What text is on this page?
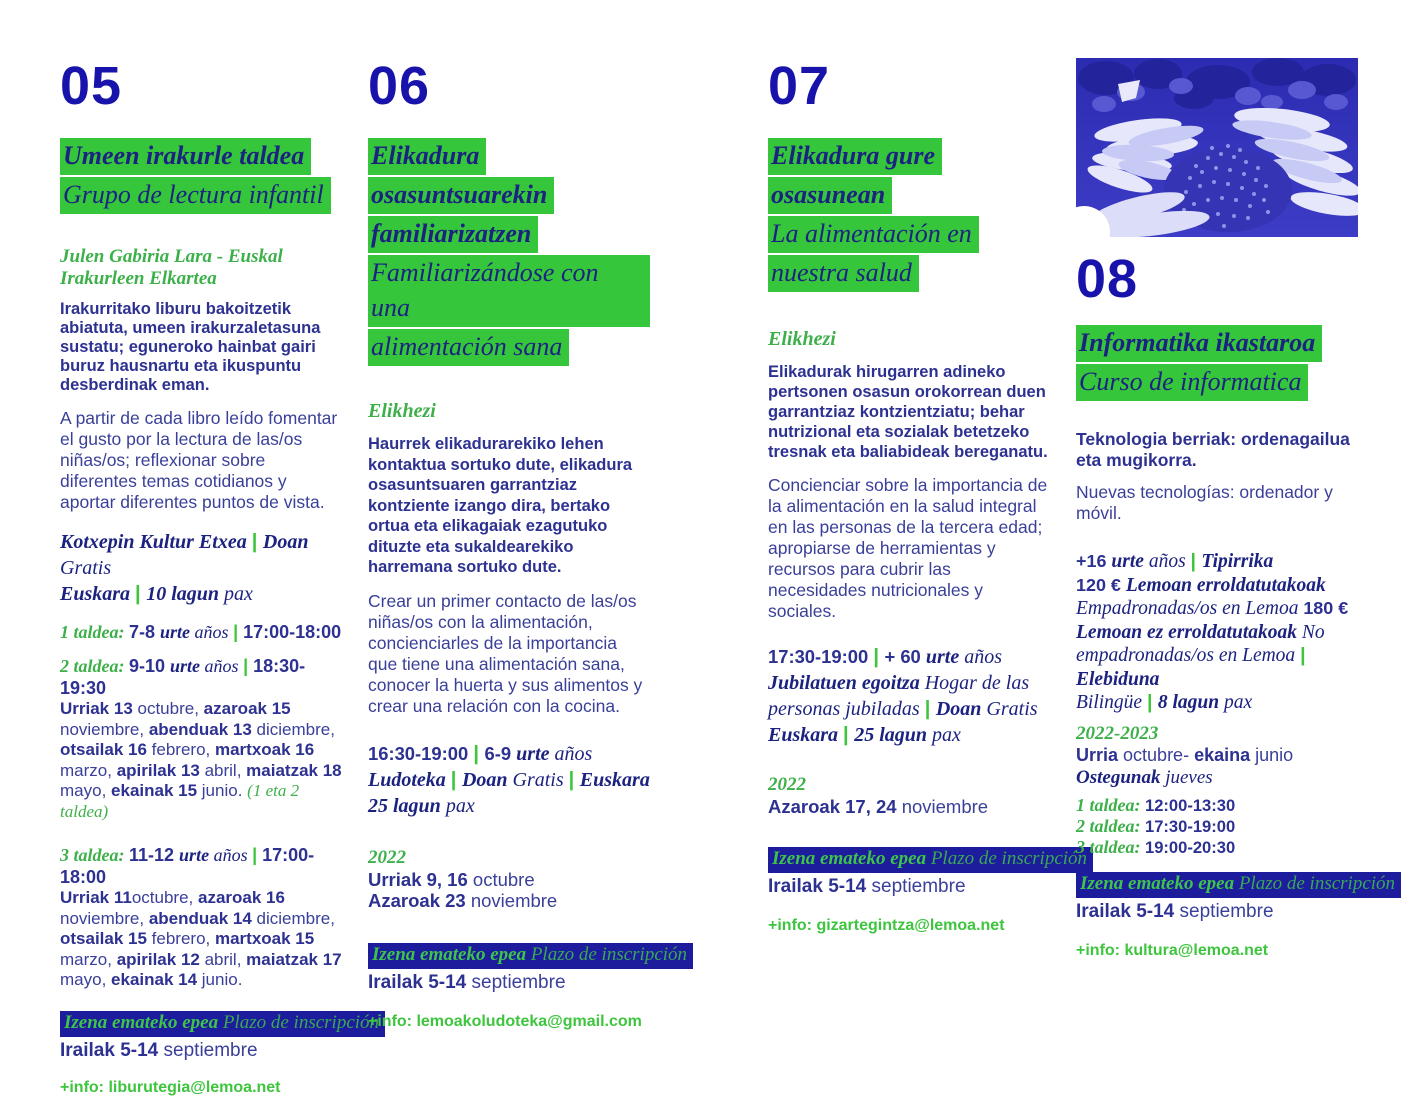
05
Umeen irakurle taldea
Grupo de lectura infantil
Julen Gabiria Lara - Euskal Irakurleen Elkartea

Irakurritako liburu bakoitzetik abiatuta, umeen irakurzaletasuna sustatu; eguneroko hainbat gairi buruz hausnartu eta ikuspuntu desberdinak eman.

A partir de cada libro leído fomentar el gusto por la lectura de las/os niñas/os; reflexionar sobre diferentes temas cotidianos y aportar diferentes puntos de vista.

Kotxepin Kultur Etxea | Doan Gratis
Euskara | 10 lagun pax
1 taldea: 7-8 urte años | 17:00-18:00
2 taldea: 9-10 urte años | 18:30-19:30
Urriak 13 octubre, azaroak 15 noviembre, abenduak 13 diciembre, otsailak 16 febrero, martxoak 16 marzo, apirilak 13 abril, maiatzak 18 mayo, ekainak 15 junio. (1 eta 2 taldea)
3 taldea: 11-12 urte años | 17:00-18:00
Urriak 11octubre, azaroak 16 noviembre, abenduak 14 diciembre, otsailak 15 febrero, martxoak 15 marzo, apirilak 12 abril, maiatzak 17 mayo, ekainak 14 junio.
Izena emateko epea Plazo de inscripción
Irailak 5-14 septiembre
+info: liburutegia@lemoa.net
06
Elikadura
osasuntsuarekin
familiarizatzen
Familiarizándose con una
alimentación sana
Elikhezi

Haurrek elikadurarekiko lehen kontaktua sortuko dute, elikadura osasuntsuaren garrantziaz kontziente izango dira, bertako ortua eta elikagaiak ezagutuko dituzte eta sukaldearekiko harremana sortuko dute.

Crear un primer contacto de las/os niñas/os con la alimentación, concienciarles de la importancia que tiene una alimentación sana, conocer la huerta y sus alimentos y crear una relación con la cocina.

16:30-19:00 | 6-9 urte años
Ludoteka | Doan Gratis | Euskara
25 lagun pax
2022
Urriak 9, 16 octubre
Azaroak 23 noviembre
Izena emateko epea Plazo de inscripción
Irailak 5-14 septiembre
+info: lemoakoludoteka@gmail.com
07
Elikadura gure
osasunean
La alimentación en
nuestra salud
Elikhezi

Elikadurak hirugarren adineko pertsonen osasun orokorrean duen garrantziaz kontzientziatu; behar nutrizional eta sozialak betetzeko tresnak eta baliabideak bereganatu.

Concienciar sobre la importancia de la alimentación en la salud integral en las personas de la tercera edad; apropiarse de herramientas y recursos para cubrir las necesidades nutricionales y sociales.

17:30-19:00 | + 60 urte años
Jubilatuen egoitza Hogar de las personas jubiladas | Doan Gratis
Euskara | 25 lagun pax
2022
Azaroak 17, 24 noviembre
Izena emateko epea Plazo de inscripción
Irailak 5-14 septiembre
+info: gizartegintza@lemoa.net
08
Informatika ikastaroa
Curso de informatica

Teknologia berriak: ordenagailua eta mugikorra.

Nuevas tecnologías: ordenador y móvil.

+16 urte años | Tipirrika
120 € Lemoan erroldatutakoak
Empadronadas/os en Lemoa 180 €
Lemoan ez erroldatutakoak No
empadronadas/os en Lemoa | Elebiduna
Bilingüe | 8 lagun pax
2022-2023
Urria octubre- ekaina junio
Ostegunak jueves
1 taldea: 12:00-13:30
2 taldea: 17:30-19:00
3 taldea: 19:00-20:30
Izena emateko epea Plazo de inscripción
Irailak 5-14 septiembre
+info: kultura@lemoa.net
